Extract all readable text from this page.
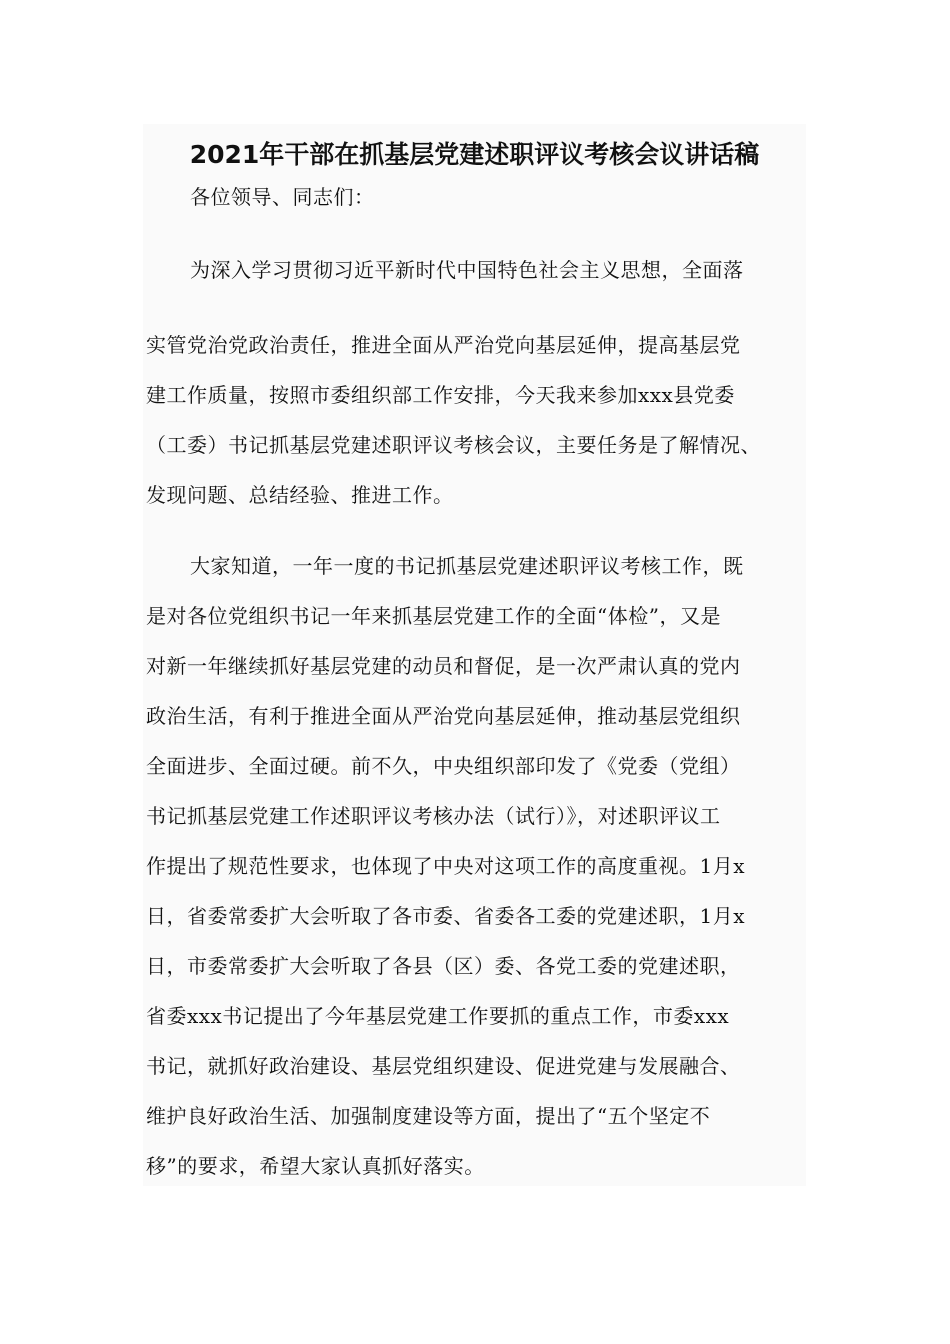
2021年干部在抓基层党建述职评议考核会议讲话稿

各位领导、同志们：

为深入学习贯彻习近平新时代中国特色社会主义思想，全面落

实管党治党政治责任，推进全面从严治党向基层延伸，提高基层党

建工作质量，按照市委组织部工作安排，今天我来参加xxx县党委

（工委）书记抓基层党建述职评议考核会议，主要任务是了解情况、

发现问题、总结经验、推进工作。

大家知道，一年一度的书记抓基层党建述职评议考核工作，既

是对各位党组织书记一年来抓基层党建工作的全面“体检”，又是

对新一年继续抓好基层党建的动员和督促，是一次严肃认真的党内

政治生活，有利于推进全面从严治党向基层延伸，推动基层党组织

全面进步、全面过硬。前不久，中央组织部印发了《党委（党组）

书记抓基层党建工作述职评议考核办法（试行）》，对述职评议工

作提出了规范性要求，也体现了中央对这项工作的高度重视。1月x

日，省委常委扩大会听取了各市委、省委各工委的党建述职，1月x

日，市委常委扩大会听取了各县（区）委、各党工委的党建述职，

省委xxx书记提出了今年基层党建工作要抓的重点工作，市委xxx

书记，就抓好政治建设、基层党组织建设、促进党建与发展融合、

维护良好政治生活、加强制度建设等方面，提出了“五个坚定不

移”的要求，希望大家认真抓好落实。
